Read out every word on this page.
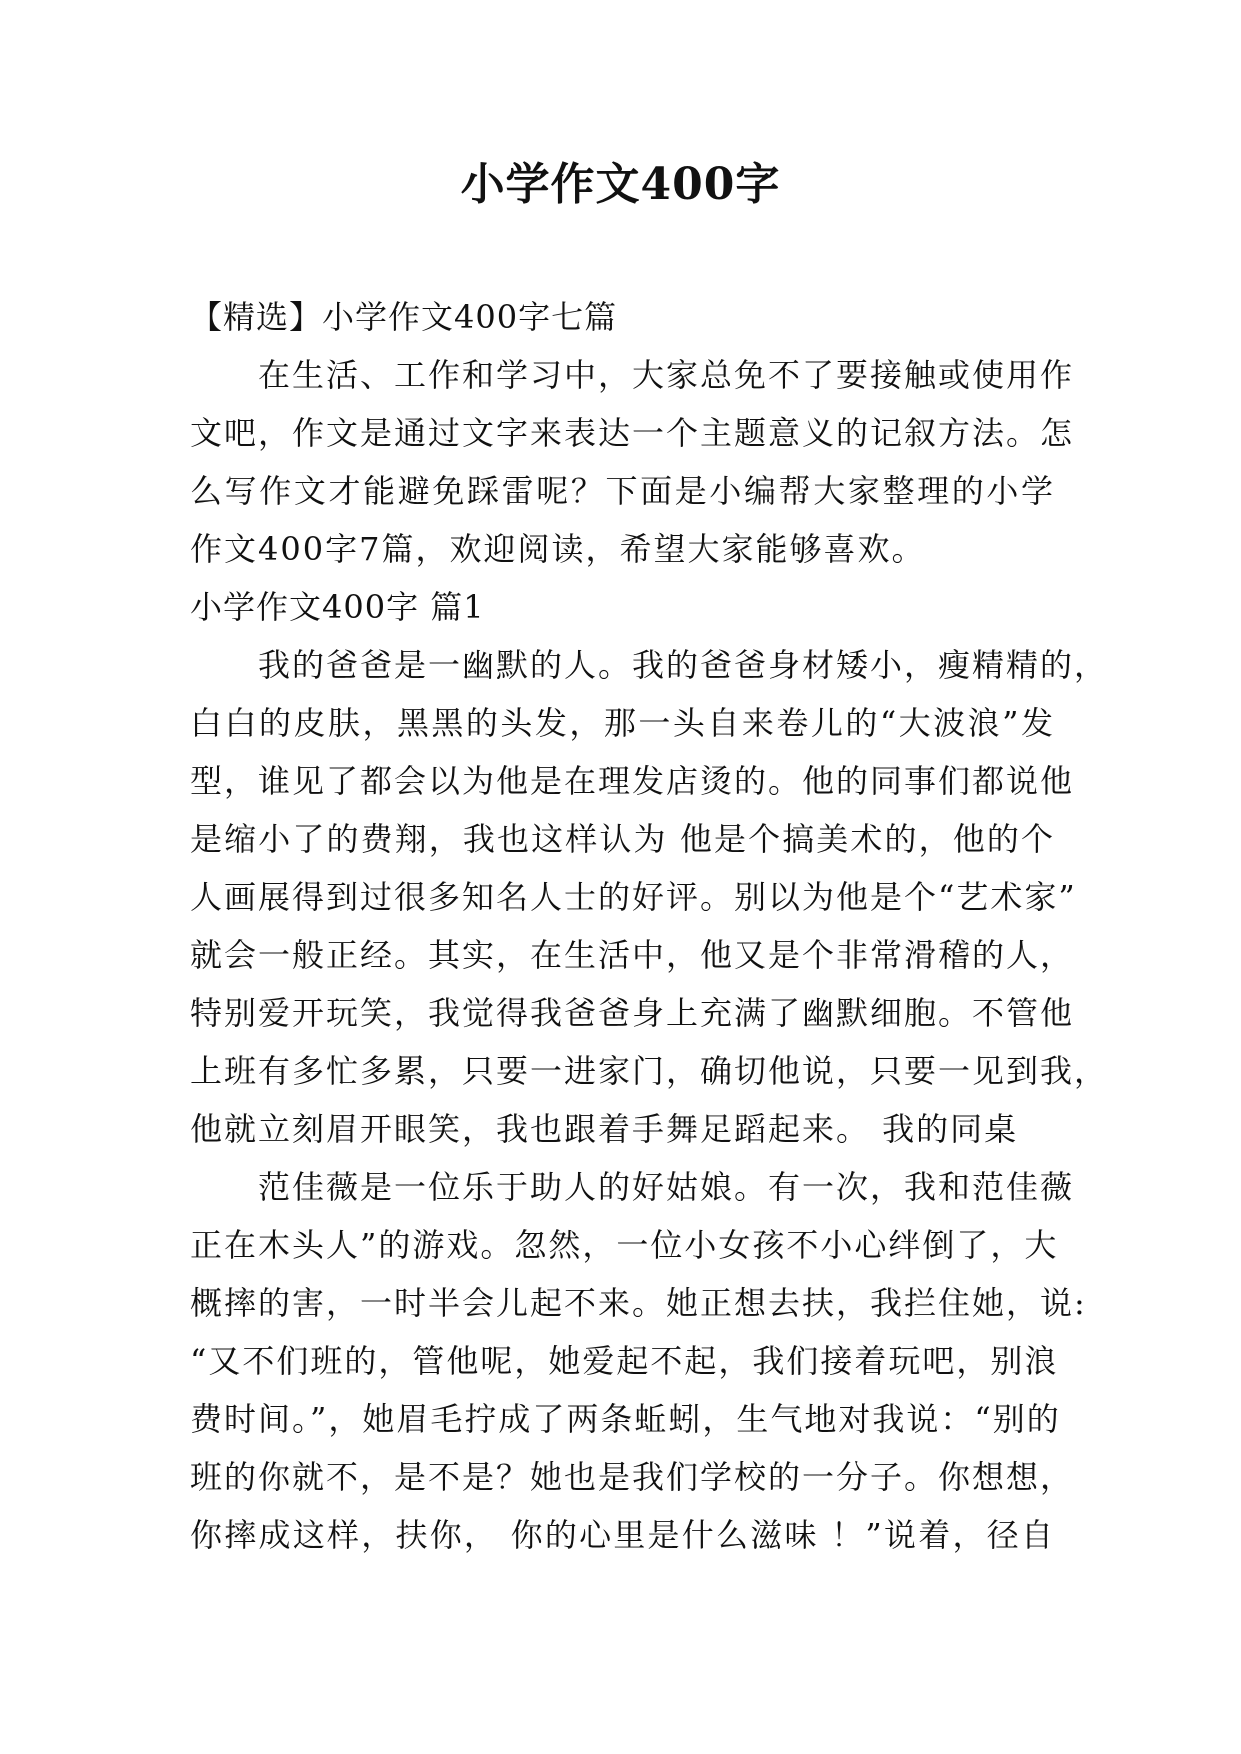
小学作文400字
【精选】小学作文400字七篇
在生活、工作和学习中，大家总免不了要接触或使用作
文吧，作文是通过文字来表达一个主题意义的记叙方法。怎
么写作文才能避免踩雷呢？下面是小编帮大家整理的小学
作文400字7篇，欢迎阅读，希望大家能够喜欢。
小学作文400字 篇1
我的爸爸是一幽默的人。我的爸爸身材矮小，瘦精精的，
白白的皮肤，黑黑的头发，那一头自来卷儿的“大波浪”发
型，谁见了都会以为他是在理发店烫的。他的同事们都说他
是缩小了的费翔，我也这样认为 他是个搞美术的，他的个
人画展得到过很多知名人士的好评。别以为他是个“艺术家”
就会一般正经。其实，在生活中，他又是个非常滑稽的人，
特别爱开玩笑，我觉得我爸爸身上充满了幽默细胞。不管他
上班有多忙多累，只要一进家门，确切他说，只要一见到我，
他就立刻眉开眼笑，我也跟着手舞足蹈起来。 我的同桌
范佳薇是一位乐于助人的好姑娘。有一次，我和范佳薇
正在木头人”的游戏。忽然，一位小女孩不小心绊倒了，大
概摔的害，一时半会儿起不来。她正想去扶，我拦住她，说:
“又不们班的，管他呢，她爱起不起，我们接着玩吧，别浪
费时间。”，她眉毛拧成了两条蚯蚓，生气地对我说：“别的
班的你就不，是不是？她也是我们学校的一分子。你想想，
你摔成这样，扶你， 你的心里是什么滋味 ！”说着，径自
